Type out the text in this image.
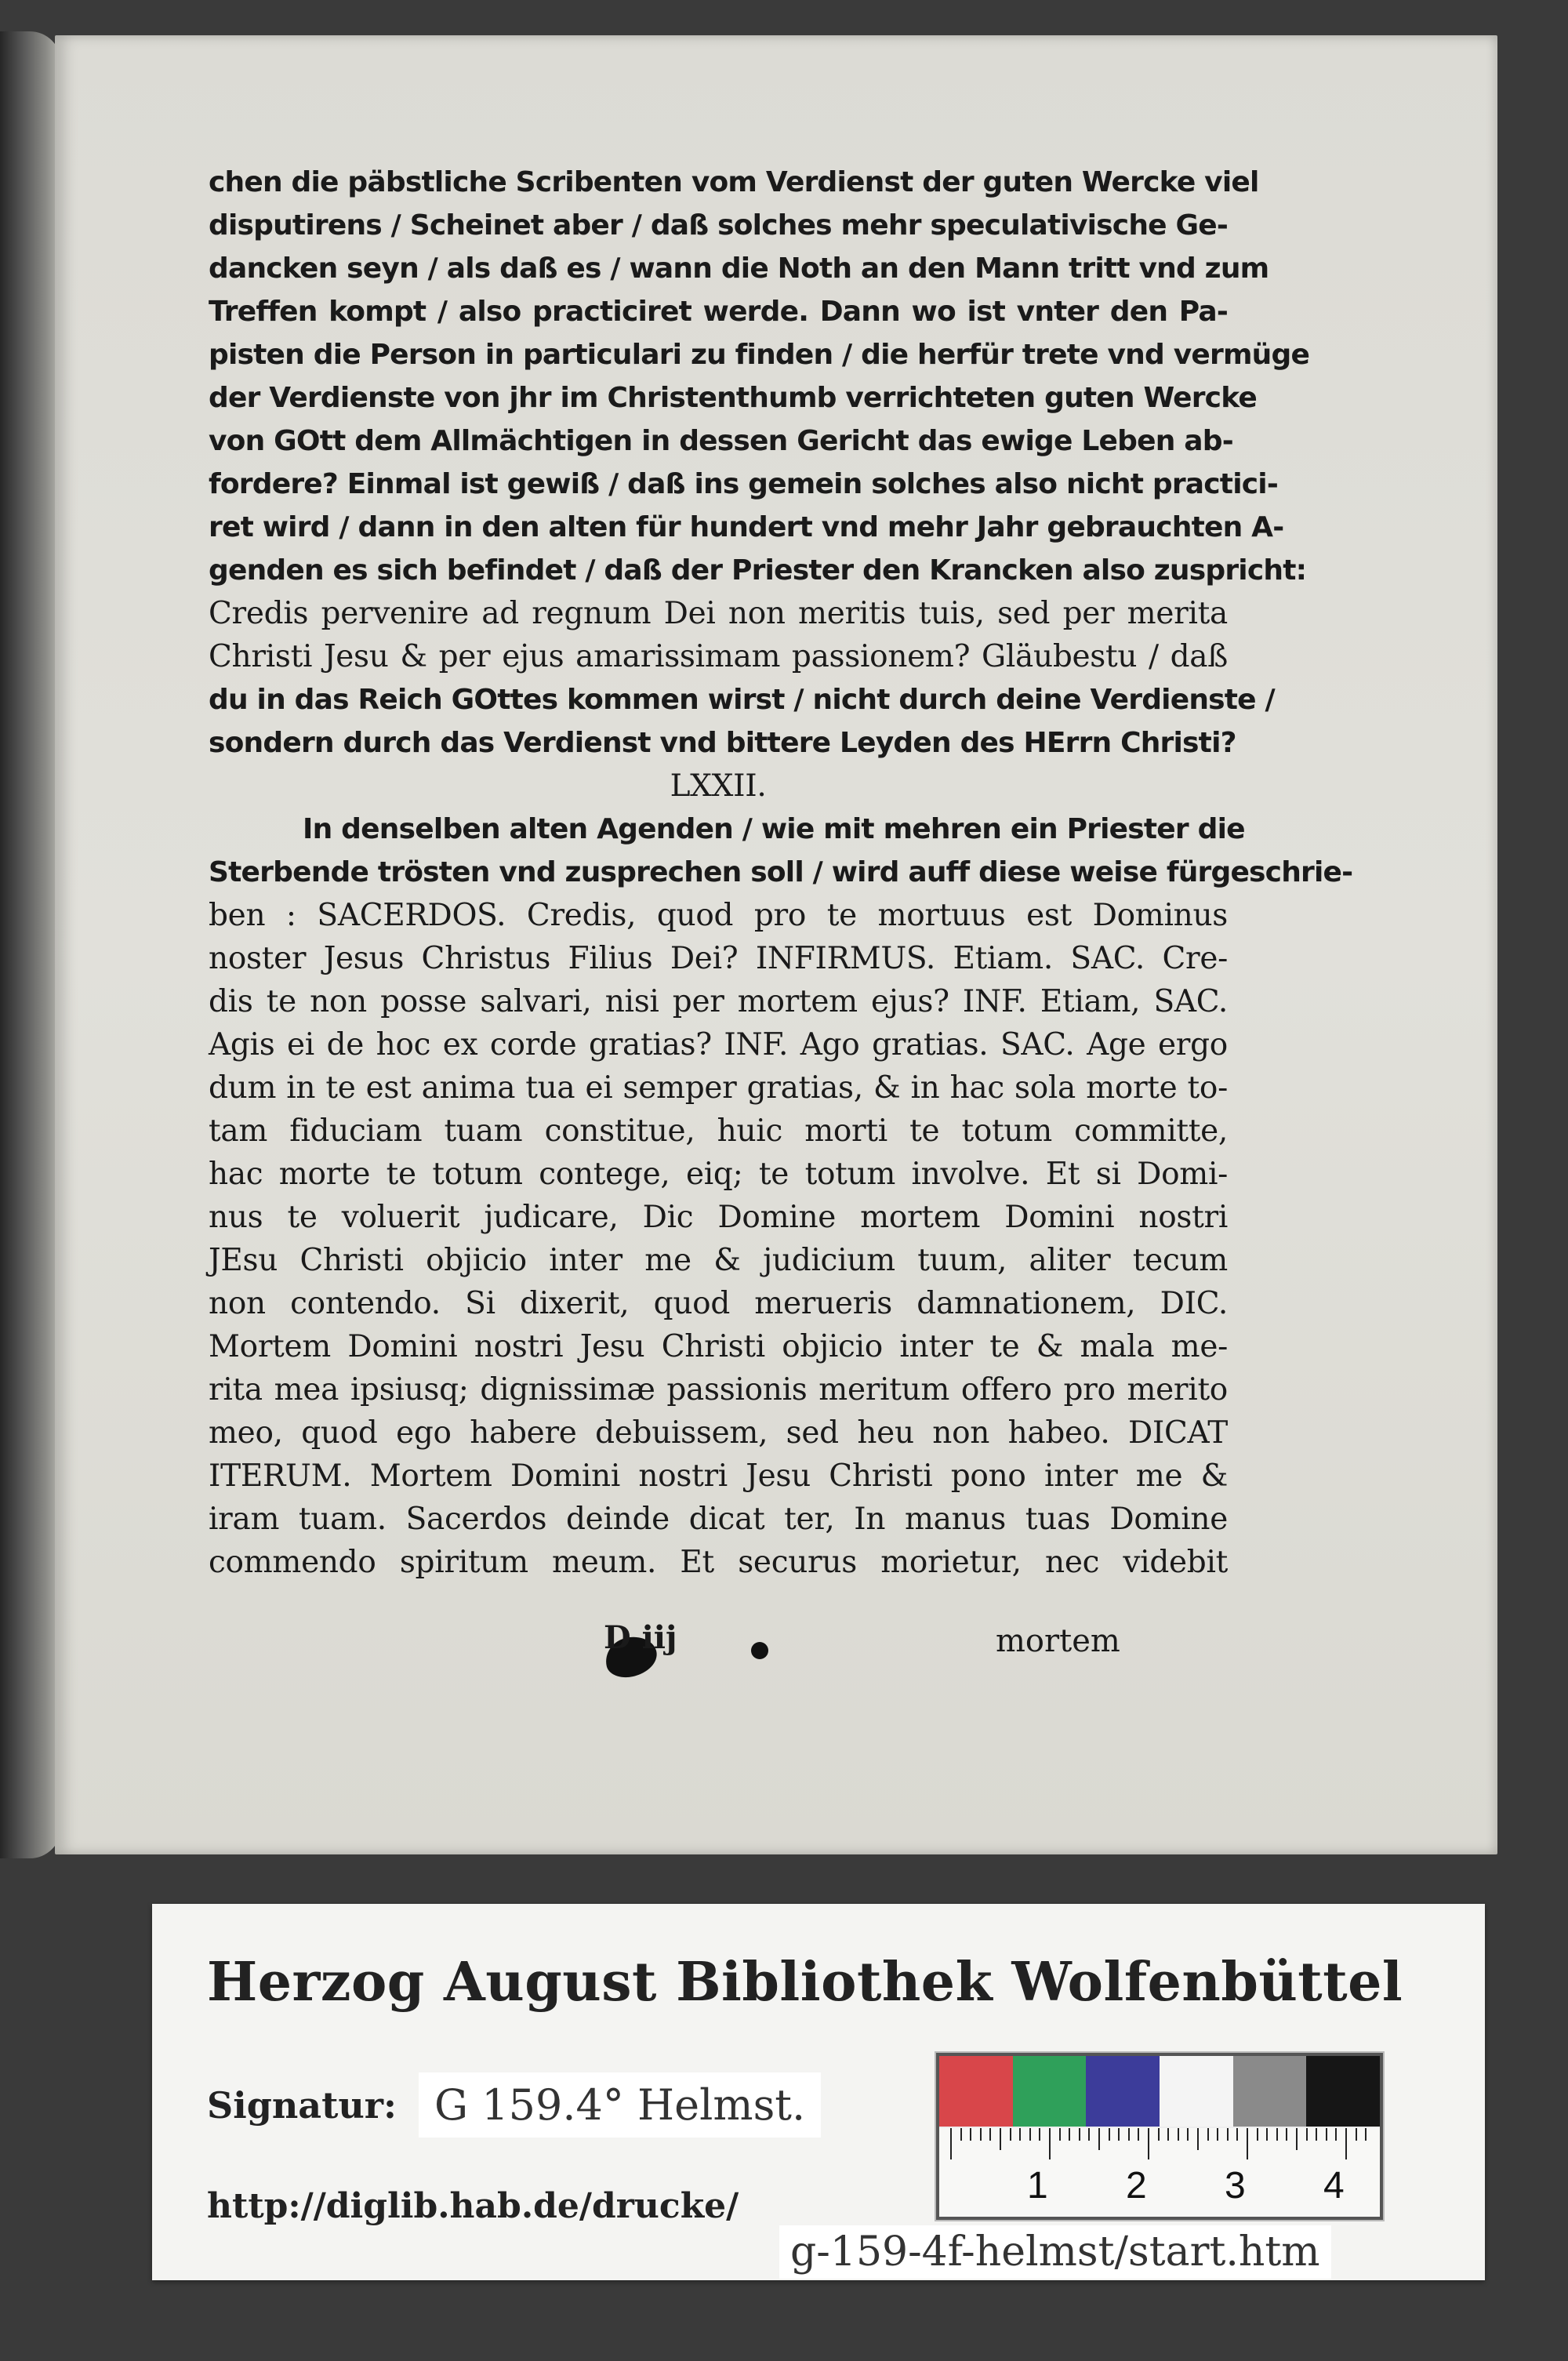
chen die päbstliche Scribenten vom Verdienst der guten Wercke viel
disputirens / Scheinet aber / daß solches mehr speculativische Ge-
dancken seyn / als daß es / wann die Noth an den Mann tritt vnd zum
Treffen kompt / also practiciret werde. Dann wo ist vnter den Pa-
pisten die Person in particulari zu finden / die herfür trete vnd vermüge
der Verdienste von jhr im Christenthumb verrichteten guten Wercke
von GOtt dem Allmächtigen in dessen Gericht das ewige Leben ab-
fordere? Einmal ist gewiß / daß ins gemein solches also nicht practici-
ret wird / dann in den alten für hundert vnd mehr Jahr gebrauchten A-
genden es sich befindet / daß der Priester den Krancken also zuspricht:
Credis pervenire ad regnum Dei non meritis tuis, sed per merita
Christi Jesu & per ejus amarissimam passionem? Gläubestu / daß
du in das Reich GOttes kommen wirst / nicht durch deine Verdienste /
sondern durch das Verdienst vnd bittere Leyden des HErrn Christi?
LXXII.
In denselben alten Agenden / wie mit mehren ein Priester die
Sterbende trösten vnd zusprechen soll / wird auff diese weise fürgeschrie-
ben : SACERDOS. Credis, quod pro te mortuus est Dominus
noster Jesus Christus Filius Dei? INFIRMUS. Etiam. SAC. Cre-
dis te non posse salvari, nisi per mortem ejus? INF. Etiam, SAC.
Agis ei de hoc ex corde gratias? INF. Ago gratias. SAC. Age ergo
dum in te est anima tua ei semper gratias, & in hac sola morte to-
tam fiduciam tuam constitue, huic morti te totum committe,
hac morte te totum contege, eiq; te totum involve. Et si Domi-
nus te voluerit judicare, Dic Domine mortem Domini nostri
JEsu Christi objicio inter me & judicium tuum, aliter tecum
non contendo. Si dixerit, quod merueris damnationem, DIC.
Mortem Domini nostri Jesu Christi objicio inter te & mala me-
rita mea ipsiusq; dignissimæ passionis meritum offero pro merito
meo, quod ego habere debuissem, sed heu non habeo. DICAT
ITERUM. Mortem Domini nostri Jesu Christi pono inter me &
iram tuam. Sacerdos deinde dicat ter, In manus tuas Domine
commendo spiritum meum. Et securus morietur, nec videbit
D iij	mortem
Herzog August Bibliothek Wolfenbüttel
Signatur: G 159.4° Helmst.
http://diglib.hab.de/drucke/
g-159-4f-helmst/start.htm
1 2 3 4
